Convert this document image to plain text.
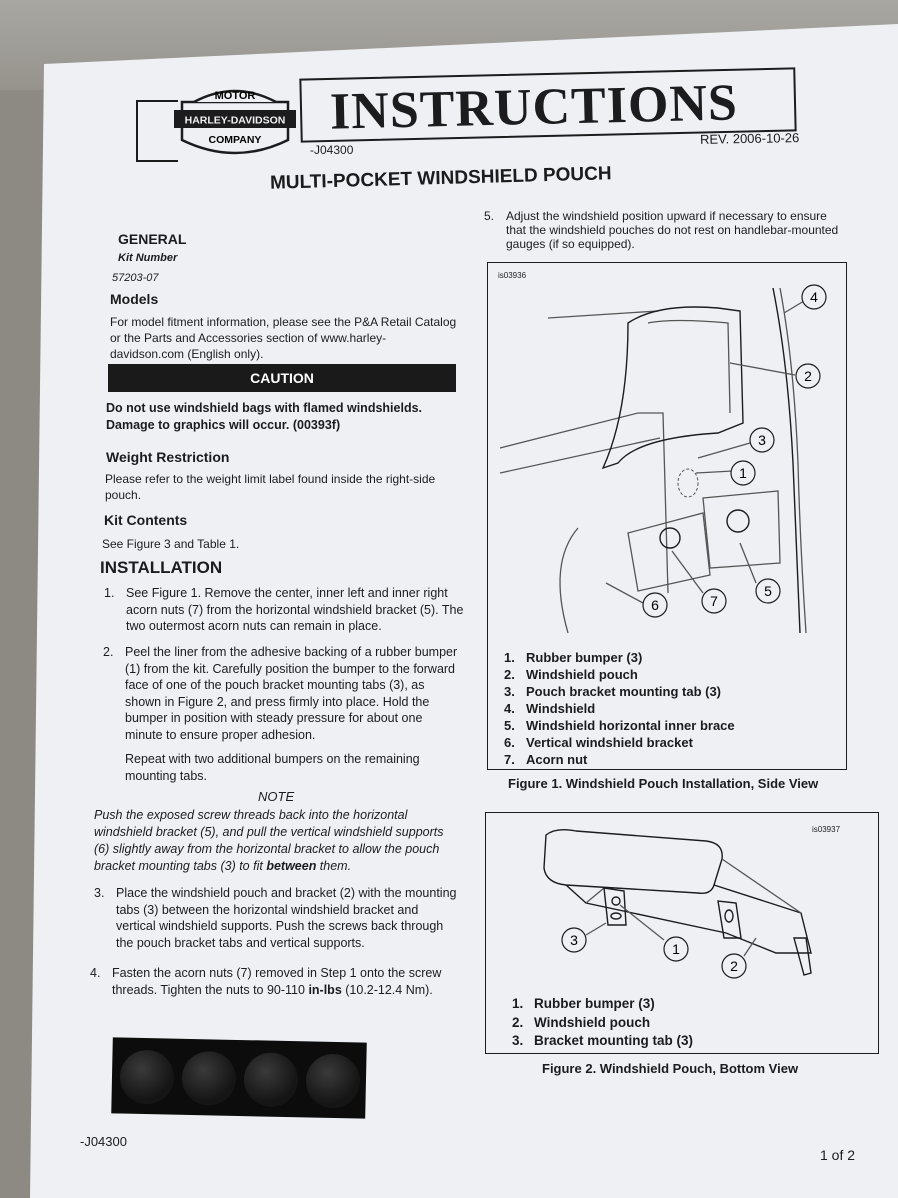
MOTOR
HARLEY-DAVIDSON
COMPANY INSTRUCTIONS

REV. 2006-10-26

-J04300

MULTI-POCKET WINDSHIELD POUCH

GENERAL

Kit Number

57203-07

Models

For model fitment information, please see the P&A Retail Catalog or the Parts and Accessories section of www.harley-davidson.com (English only).

CAUTION

Do not use windshield bags with flamed windshields. Damage to graphics will occur. (00393f)

Weight Restriction

Please refer to the weight limit label found inside the right-side pouch.

Kit Contents

See Figure 3 and Table 1.

INSTALLATION

1. See Figure 1. Remove the center, inner left and inner right acorn nuts (7) from the horizontal windshield bracket (5). The two outermost acorn nuts can remain in place.
2. Peel the liner from the adhesive backing of a rubber bumper (1) from the kit. Carefully position the bumper to the forward face of one of the pouch bracket mounting tabs (3), as shown in Figure 2, and press firmly into place. Hold the bumper in position with steady pressure for about one minute to ensure proper adhesion.
Repeat with two additional bumpers on the remaining mounting tabs.
3. Place the windshield pouch and bracket (2) with the mounting tabs (3) between the horizontal windshield bracket and vertical windshield supports. Push the screws back through the pouch bracket tabs and vertical supports.
4. Fasten the acorn nuts (7) removed in Step 1 onto the screw threads. Tighten the nuts to 90-110 in-lbs (10.2-12.4 Nm).
5. Adjust the windshield position upward if necessary to ensure that the windshield pouches do not rest on handlebar-mounted gauges (if so equipped).

NOTE

Push the exposed screw threads back into the horizontal windshield bracket (5), and pull the vertical windshield supports (6) slightly away from the horizontal bracket to allow the pouch bracket mounting tabs (3) to fit between them.

is03936
1
2
3
4
5
6	7
1. Rubber bumper (3)
2. Windshield pouch
3. Pouch bracket mounting tab (3)
4. Windshield
5. Windshield horizontal inner brace
6. Vertical windshield bracket
7. Acorn nut

Figure 1. Windshield Pouch Installation, Side View

is03937
3
1
2
1. Rubber bumper (3)
2. Windshield pouch
3. Bracket mounting tab (3)

Figure 2. Windshield Pouch, Bottom View

-J04300

1 of 2
